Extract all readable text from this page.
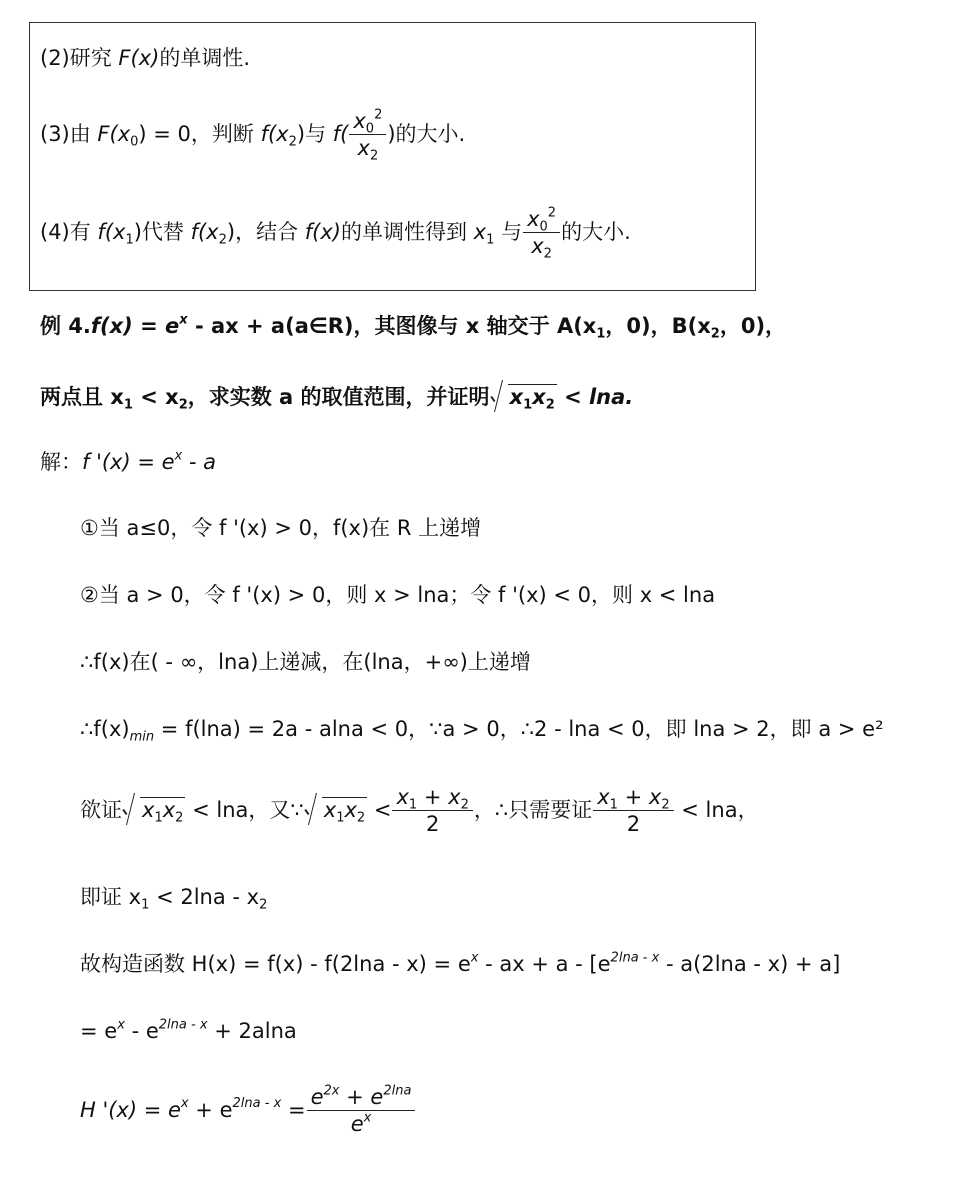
(2)研究 F(x)的单调性.
(3)由 $F(x_0) = 0$，判断 $f(x_2)$与 $f( \frac{x_0^2}{x_2}$ )的大小.
(4)有 $f(x_1)$代替 $f(x_2)$，结合 f(x)的单调性得到 $x_1$ 与 $\frac{x_0^2}{x_2}$ 的大小.
例 $4.f(x) = e^x$ - ax + a(a∈R)，其图像与 x 轴交于 $A(x_1$，0)，$B(x_2$，0)，
两点且 $x_1 < x_2$，求实数 a 的取值范围，并证明 $x_1x_2 < \ln a$.
解：f '$(x) = e^x - a$
①当 a≤0，令 f '(x) > 0，f(x)在 R 上递增
②当 a > 0，令 f '(x) > 0，则 x > lna；令 f '(x) < 0，则 x < lna
∴f(x)在( - ∞，lna)上递减，在(lna，+∞)上递增
$\therefore f(x)_{min} = f(\ln a) = 2a - alna < 0$，∵a > 0，∴2 - lna < 0，即 lna > 2，即 a > e²
欲证 $x_1x_2 < \ln a$，又∵ $x_1x_2 < \frac{x_1 + x_2}{2}$ ，∴只需要证 $\frac{x_1 + x_2}{2} < \ln a$，
即证 $x_1 < 2\ln a - x_2$
故构造函数 $H(x) = f(x) - f(2\ln a - x) = e^x$ - ax + $a - [e^{2lna - x} - a(2\ln a - x) + a]$
= $e^x - e^{2lna - x} + 2alna$
H '$(x) = e^x + e^{2lna - x} = \frac{e^{2x} + e^{2lna}}{e^x}$
